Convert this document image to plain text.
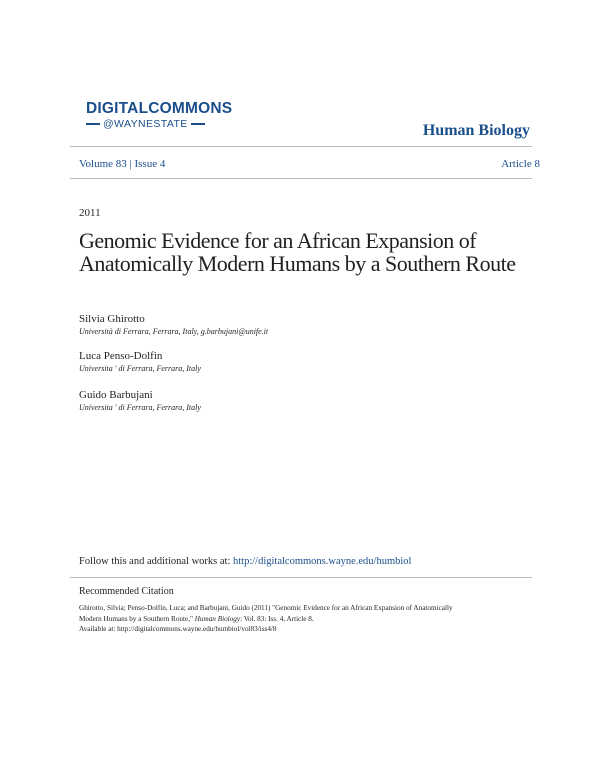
DIGITALCOMMONS
@WAYNESTATE	Human Biology
Volume 83 | Issue 4	Article 8
2011
Genomic Evidence for an African Expansion of Anatomically Modern Humans by a Southern Route
Silvia Ghirotto
Università di Ferrara, Ferrara, Italy, g.barbujani@unife.it
Luca Penso-Dolfin
Universita ' di Ferrara, Ferrara, Italy
Guido Barbujani
Universita ' di Ferrara, Ferrara, Italy
Follow this and additional works at: http://digitalcommons.wayne.edu/humbiol
Recommended Citation
Ghirotto, Silvia; Penso-Dolfin, Luca; and Barbujani, Guido (2011) "Genomic Evidence for an African Expansion of Anatomically
Modern Humans by a Southern Route," Human Biology: Vol. 83: Iss. 4, Article 8.
Available at: http://digitalcommons.wayne.edu/humbiol/vol83/iss4/8
